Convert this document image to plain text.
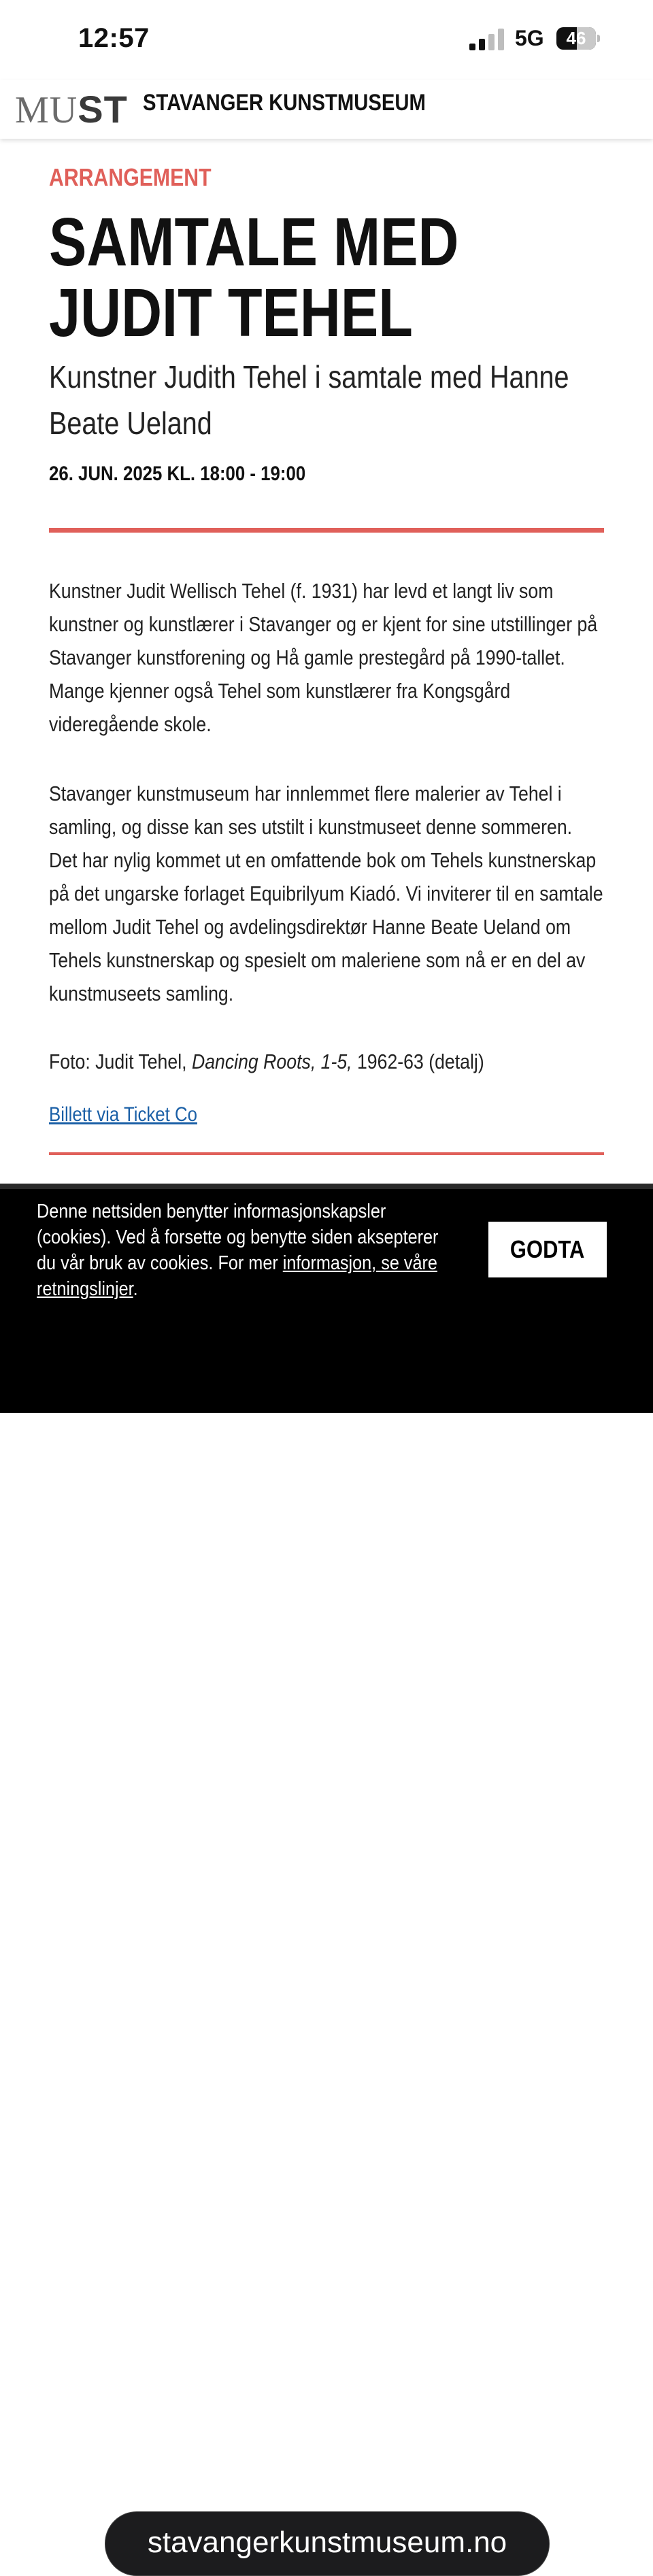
12:57	5G	46
MUST STAVANGER KUNSTMUSEUM
ARRANGEMENT
SAMTALE MED JUDIT TEHEL

Kunstner Judith Tehel i samtale med Hanne Beate Ueland

26. JUN. 2025 KL. 18:00 - 19:00

Kunstner Judit Wellisch Tehel (f. 1931) har levd et langt liv som kunstner og kunstlærer i Stavanger og er kjent for sine utstillinger på Stavanger kunstforening og Hå gamle prestegård på 1990-tallet. Mange kjenner også Tehel som kunstlærer fra Kongsgård videregående skole.

Stavanger kunstmuseum har innlemmet flere malerier av Tehel i samling, og disse kan ses utstilt i kunstmuseet denne sommeren. Det har nylig kommet ut en omfattende bok om Tehels kunstnerskap på det ungarske forlaget Equibrilyum Kiadó. Vi inviterer til en samtale mellom Judit Tehel og avdelingsdirektør Hanne Beate Ueland om Tehels kunstnerskap og spesielt om maleriene som nå er en del av kunstmuseets samling.

Foto: Judit Tehel, Dancing Roots, 1-5, 1962-63 (detalj)

Billett via Ticket Co

Denne nettsiden benytter informasjonskapsler (cookies). Ved å forsette og benytte siden aksepterer du vår bruk av cookies. For mer informasjon, se våre retningslinjer.

GODTA
stavangerkunstmuseum.no
